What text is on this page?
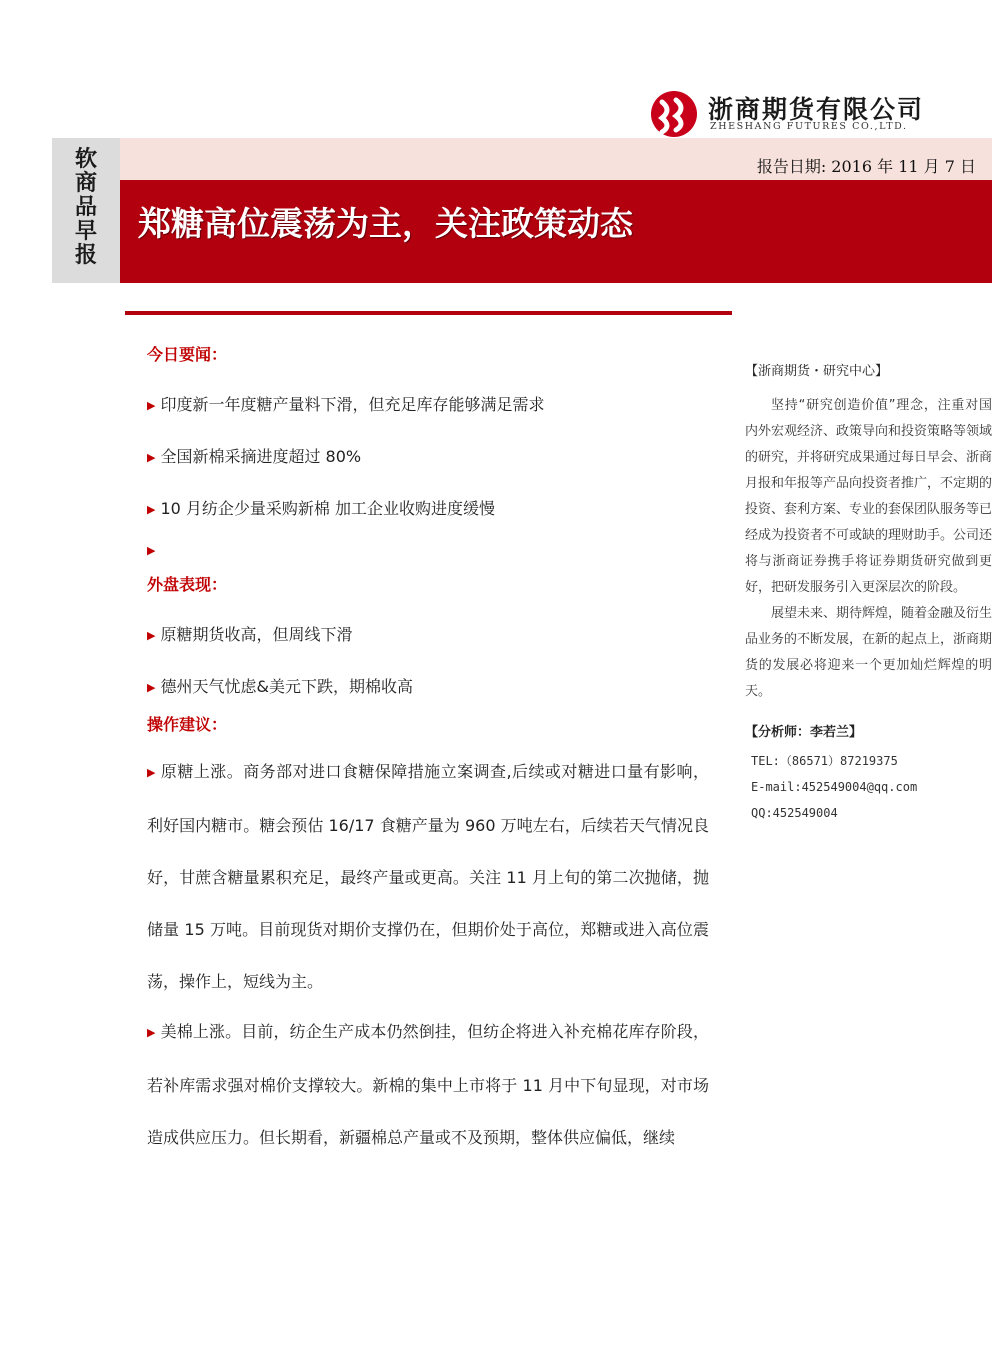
浙商期货有限公司
ZHESHANG FUTURES CO.,LTD.
软
商
品
早
报
报告日期: 2016 年 11 月 7 日
郑糖高位震荡为主，关注政策动态
今日要闻：
▶ 印度新一年度糖产量料下滑，但充足库存能够满足需求
▶ 全国新棉采摘进度超过 80%
▶ 10 月纺企少量采购新棉 加工企业收购进度缓慢
▶
外盘表现：
▶ 原糖期货收高，但周线下滑
▶ 德州天气忧虑&美元下跌，期棉收高
操作建议：
▶ 原糖上涨。商务部对进口食糖保障措施立案调查,后续或对糖进口量有影响，利好国内糖市。糖会预估 16/17 食糖产量为 960 万吨左右，后续若天气情况良好，甘蔗含糖量累积充足，最终产量或更高。关注 11 月上旬的第二次抛储，抛储量 15 万吨。目前现货对期价支撑仍在，但期价处于高位，郑糖或进入高位震荡，操作上，短线为主。
▶ 美棉上涨。目前，纺企生产成本仍然倒挂，但纺企将进入补充棉花库存阶段，若补库需求强对棉价支撑较大。新棉的集中上市将于 11 月中下旬显现，对市场造成供应压力。但长期看，新疆棉总产量或不及预期，整体供应偏低，继续
【浙商期货・研究中心】

坚持“研究创造价值”理念，注重对国内外宏观经济、政策导向和投资策略等领域的研究，并将研究成果通过每日早会、浙商月报和年报等产品向投资者推广，不定期的投资、套利方案、专业的套保团队服务等已经成为投资者不可或缺的理财助手。公司还将与浙商证券携手将证券期货研究做到更好，把研发服务引入更深层次的阶段。

展望未来、期待辉煌，随着金融及衍生品业务的不断发展，在新的起点上，浙商期货的发展必将迎来一个更加灿烂辉煌的明天。

【分析师：李若兰】
TEL:（86571）87219375
E-mail:452549004@qq.com
QQ:452549004
